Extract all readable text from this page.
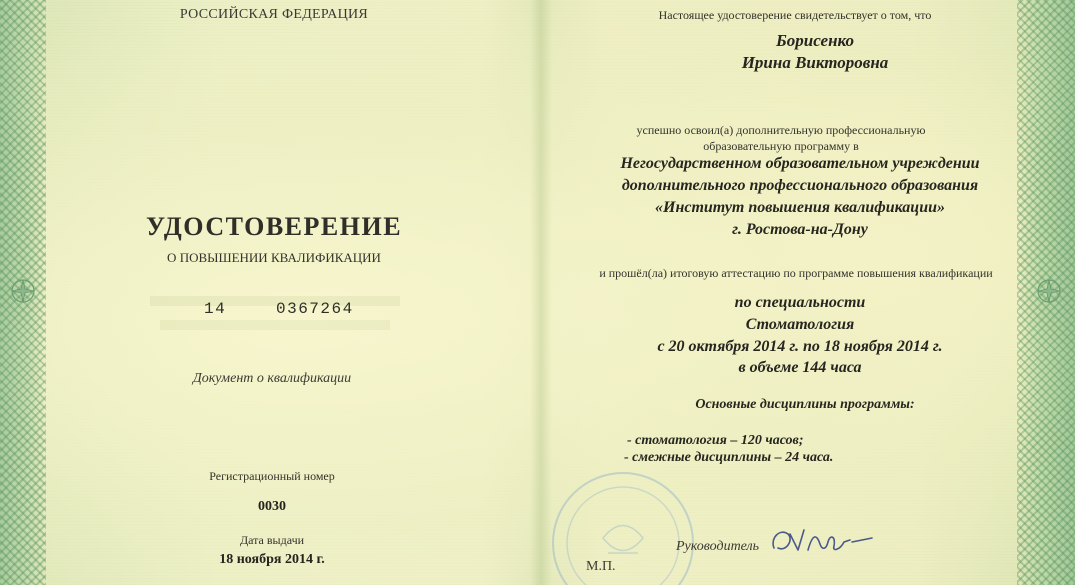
РОССИЙСКАЯ ФЕДЕРАЦИЯ

УДОСТОВЕРЕНИЕ

О ПОВЫШЕНИИ КВАЛИФИКАЦИИ

14	0367264

Документ о квалификации

Регистрационный номер

0030

Дата выдачи

18 ноября 2014 г.

Настоящее удостоверение свидетельствует о том, что

Борисенко

Ирина Викторовна

успешно освоил(а) дополнительную профессиональную

образовательную программу в

Негосударственном образовательном учреждении

дополнительного профессионального образования

«Институт повышения квалификации»

г. Ростова-на-Дону

и прошёл(ла) итоговую аттестацию по программе повышения квалификации

по специальности

Стоматология

с 20 октября 2014 г. по 18 ноября 2014 г.

в объеме 144 часа

Основные дисциплины программы:

- стоматология – 120 часов;

- смежные дисциплины – 24 часа.

М.П.

Руководитель
